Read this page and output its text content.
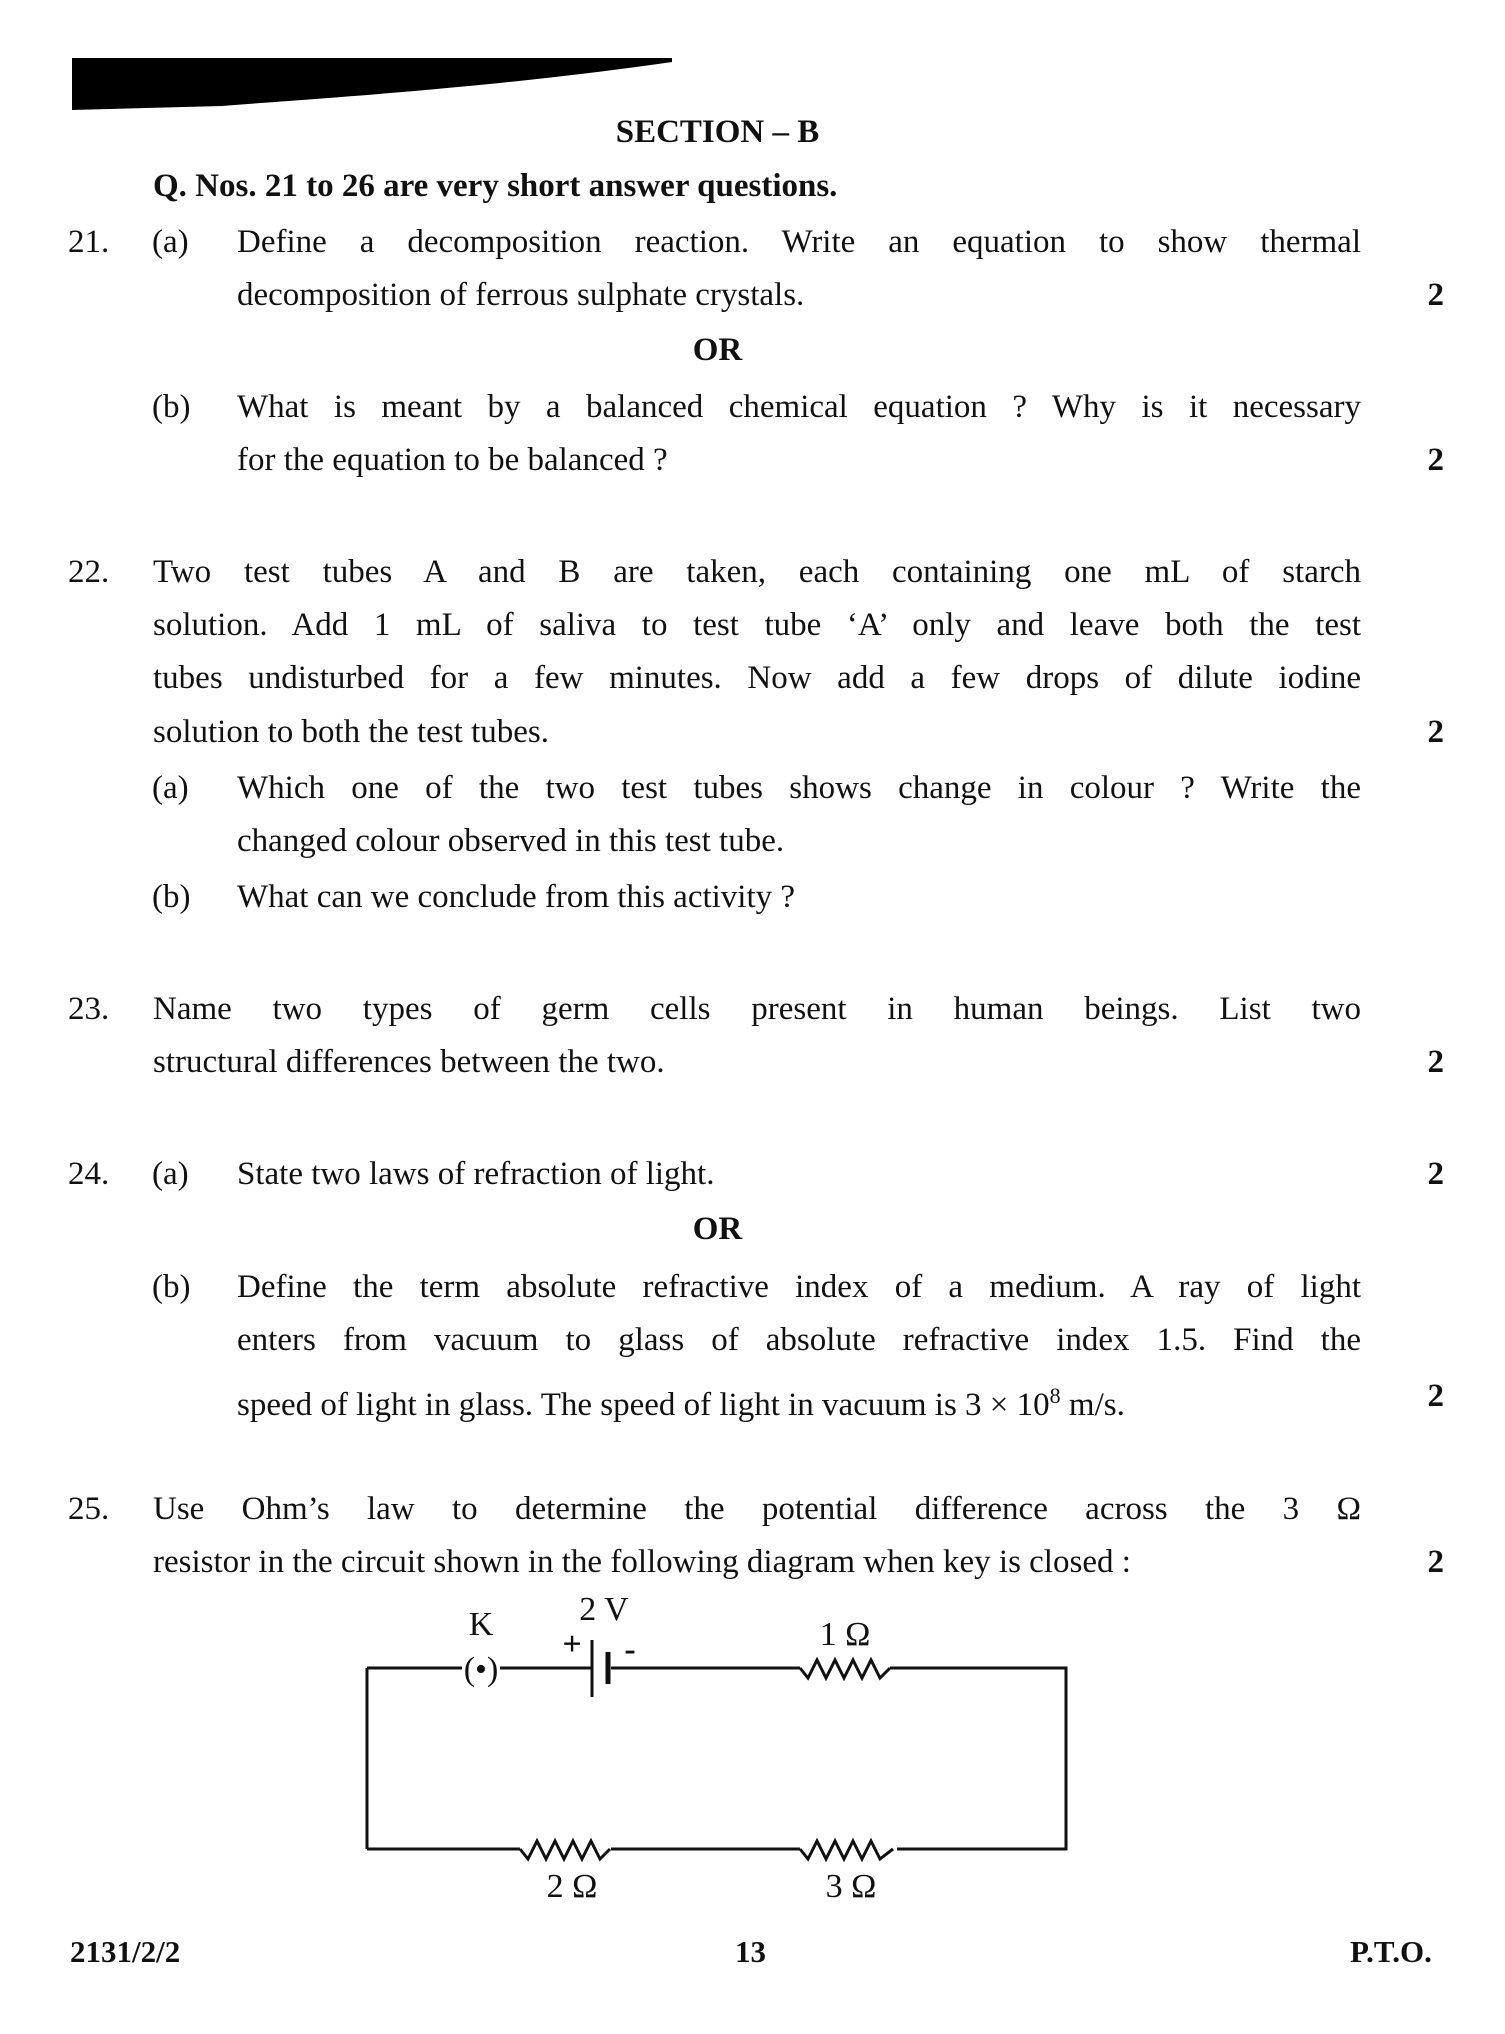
SECTION – B
Q. Nos. 21 to 26 are very short answer questions.
21. (a) Define a decomposition reaction. Write an equation to show thermal
decomposition of ferrous sulphate crystals.	2
OR
(b) What is meant by a balanced chemical equation ? Why is it necessary
for the equation to be balanced ?	2
22. Two test tubes A and B are taken, each containing one mL of starch
solution. Add 1 mL of saliva to test tube ‘A’ only and leave both the test
tubes undisturbed for a few minutes. Now add a few drops of dilute iodine
solution to both the test tubes.	2
(a) Which one of the two test tubes shows change in colour ? Write the
changed colour observed in this test tube.
(b) What can we conclude from this activity ?
23. Name two types of germ cells present in human beings. List two
structural differences between the two.	2
24. (a) State two laws of refraction of light.	2
OR
(b) Define the term absolute refractive index of a medium. A ray of light
enters from vacuum to glass of absolute refractive index 1.5. Find the
speed of light in glass. The speed of light in vacuum is $3 \times 10^8$ m/s.	2
25. Use Ohm’s law to determine the potential difference across the 3 Ω
resistor in the circuit shown in the following diagram when key is closed :	2
(•)
K	2 V
+ -	1 Ω
2 Ω	3 Ω
2131/2/2	13	P.T.O.
